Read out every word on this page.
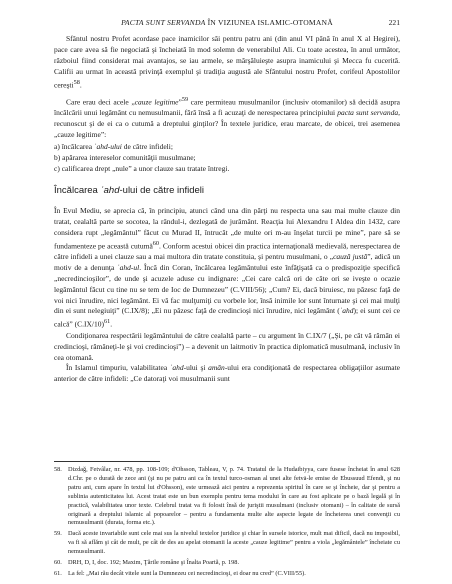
PACTA SUNT SERVANDA ÎN VIZIUNEA ISLAMIC-OTOMANĂ	221

Sfântul nostru Profet acordase pace inamicilor săi pentru patru ani (din anul VI până în anul X al Hegirei), pace care avea să fie negociată şi încheiată în mod solemn de venerabilul Ali. Cu toate acestea, în anul următor, războiul fiind considerat mai avantajos, se iau armele, se mărşăluieşte asupra inamicului şi Mecca fu cucerită. Califii au urmat în această privinţă exemplul şi tradiţia augustă ale Sfântului nostru Profet, corifeul Apostolilor cereşti$^{58}$.

Care erau deci acele „cauze legitime”$^{59}$ care permiteau musulmanilor (inclusiv otomanilor) să decidă asupra încălcării unui legământ cu nemusulmanii, fără însă a fi acuzaţi de nerespectarea principiului pacta sunt servanda, recunoscut şi de ei ca o cutumă a dreptului ginţilor? În textele juridice, erau marcate, de obicei, trei asemenea „cauze legitime”:

a) încălcarea ʿahd-ului de către infideli;
b) apărarea intereselor comunităţii musulmane;
c) calificarea drept „nule” a unor clauze sau tratate întregi.
Încălcarea ʿahd-ului de către infideli

În Evul Mediu, se aprecia că, în principiu, atunci când una din părţi nu respecta una sau mai multe clauze din tratat, cealaltă parte se socotea, la rândul-i, dezlegată de jurământ. Reacţia lui Alexandru I Aldea din 1432, care considera rupt „legământul” făcut cu Murad II, întrucât „de multe ori m-au înşelat turcii pe mine”, pare să se fundamenteze pe această cutumă$^{60}$. Conform acestui obicei din practica internaţională medievală, nerespectarea de către infideli a unei clauze sau a mai multora din tratate constituia, şi pentru musulmani, o „cauză justă”, adică un motiv de a denunţa ʿahd-ul. Încă din Coran, încălcarea legământului este înfăţişată ca o predispoziţie specifică „necredincioşilor”, de unde şi acuzele aduse cu indignare: „Cei care calcă ori de câte ori se iveşte o ocazie legământul făcut cu tine nu se tem de Ioc de Dumnezeu” (C.VIII/56); „Cum? Ei, dacă biruiesc, nu păzesc faţă de voi nici înrudire, nici legământ. Ei vă fac mulţumiţi cu vorbele lor, însă inimile lor sunt înturnate şi cei mai mulţi din ei sunt nelegiuiţi” (C.IX/8); „Ei nu păzesc faţă de credincioşi nici înrudire, nici legământ (ʿahd); ei sunt cei ce calcă” $(C.IX/10)^{61}$.

Condiţionarea respectării legământului de către cealaltă parte – cu argument în C.IX/7 („Şi, pe cât vă rămân ei credincioşi, rămâneţi-le şi voi credincioşi”) – a devenit un laitmotiv în practica diplomatică musulmană, inclusiv în cea otomană.

În Islamul timpuriu, valabilitatea ʿahd-ului şi amān-ului era condiţionată de respectarea obligaţiilor asumate anterior de către infideli: „Ce datoraţi voi musulmanii sunt

58. Dizdağ, Fetvâlar, nr. 478, pp. 108-109; d'Ohsson, Tableau, V, p. 74. Tratatul de la Hudaibiyya, care fusese încheiat în anul 628 d.Chr. pe o durată de zece ani (şi nu pe patru ani ca în textul turco-osman al unei alte fetvā-le emise de Ebussuud Efendi, şi nu patru ani, cum apare în textul lui d'Ohsson), este urmează aici pentru a reprezenta spiritul în care se şi încheie, dar şi pentru a sublinia autenticitatea lui. Acest tratat este un bun exemplu pentru tema modului în care au fost aplicate pe o bază legală şi în practică, valabilitatea unor texte. Celebrul tratat va fi folosit însă de juriştii musulmani (inclusiv otomani) – în calitate de sursă originară a dreptului islamic al popoarelor – pentru a fundamenta multe alte aspecte legate de încheierea unei convenţii cu nemusulmanii (durata, forma etc.).
59. Dacă aceste invariabile sunt cele mai sus la nivelul textelor juridice şi chiar în sursele istorice, mult mai dificil, dacă nu imposibil, va fi să aflăm şi cât de mult, pe cât de des au apelat otomanii la aceste „cauze legitime” pentru a viola „legământele” încheiate cu nemusulmanii.
60. DRH, D, I, doc. 192; Maxim, Ţările române şi Înalta Poartă, p. 198.
61. La fel: „Mai rău decât vitele sunt la Dumnezeu cei necredincioşi, ei doar nu cred” (C.VIII/55).
